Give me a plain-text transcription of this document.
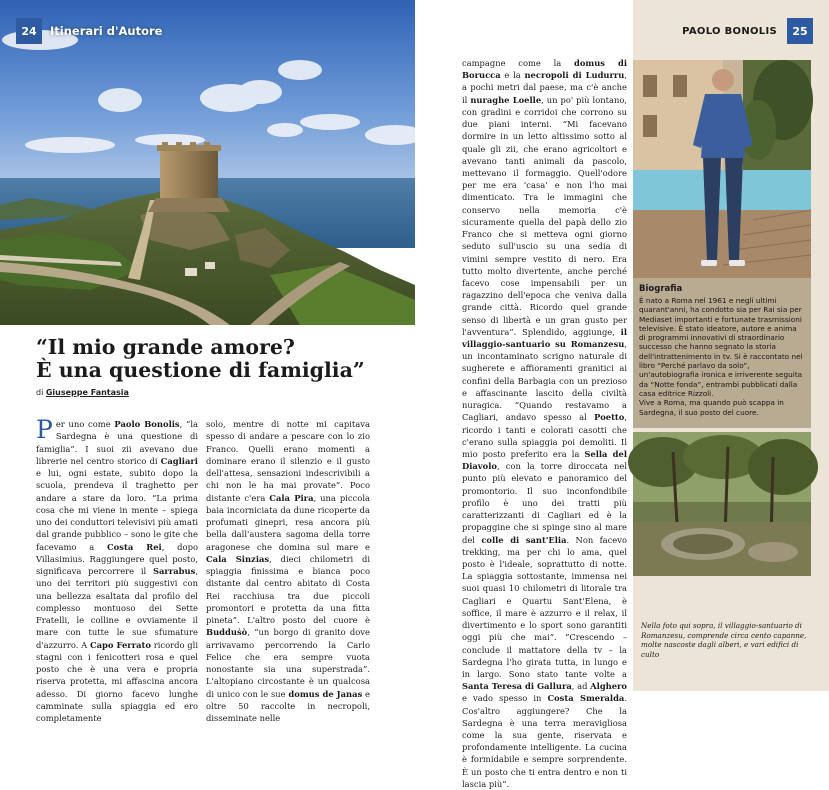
24	Itinerari d'Autore
“Il mio grande amore?
È una questione di famiglia”
di Giuseppe Fantasia

Per uno come Paolo Bonolis, “la Sardegna è una questione di famiglia”. I suoi zii avevano due librerie nel centro storico di Cagliari e lui, ogni estate, subito dopo la scuola, prendeva il traghetto per andare a stare da loro. “La prima cosa che mi viene in mente – spiega uno dei conduttori televisivi più amati dal grande pubblico – sono le gite che facevamo a Costa Rei, dopo Villasimius. Raggiungere quel posto, significava percorrere il Sarrabus, uno dei territori più suggestivi con una bellezza esaltata dal profilo del complesso montuoso dei Sette Fratelli, le colline e ovviamente il mare con tutte le sue sfumature d'azzurro. A Capo Ferrato ricordo gli stagni con i fenicotteri rosa e quel posto che è una vera e propria riserva protetta, mi affascina ancora adesso. Di giorno facevo lunghe camminate sulla spiaggia ed ero completamente

solo, mentre di notte mi capitava spesso di andare a pescare con lo zio Franco. Quelli erano momenti a dominare erano il silenzio e il gusto dell'attesa, sensazioni indescrivibili a chi non le ha mai provate”. Poco distante c'era Cala Pira, una piccola baia incorniciata da dune ricoperte da profumati ginepri, resa ancora più bella dall'austera sagoma della torre aragonese che domina sul mare e Cala Sinzias, dieci chilometri di spiaggia finissima e bianca poco distante dal centro abitato di Costa Rei racchiusa tra due piccoli promontori e protetta da una fitta pineta”. L'altro posto del cuore è Budduṡò, “un borgo di granito dove arrivavamo percorrendo la Carlo Felice che era sempre vuota nonostante sia una superstrada”. L'altopiano circostante è un qualcosa di unico con le sue domus de Janas e oltre 50 raccolte in necropoli, disseminate nelle

campagne come la domus di Borucca e la necropoli di Ludurru, a pochi metri dal paese, ma c'è anche il nuraghe Loelle, un po' più lontano, con gradini e corridoi che corrono su due piani interni. “Mi facevano dormire in un letto altissimo sotto al quale gli zii, che erano agricoltori e avevano tanti animali da pascolo, mettevano il formaggio. Quell'odore per me era ‘casa’ e non l'ho mai dimenticato. Tra le immagini che conservo nella memoria c'è sicuramente quella del papà dello zio Franco che si metteva ogni giorno seduto sull'uscio su una sedia di vimini sempre vestito di nero. Era tutto molto divertente, anche perché facevo cose impensabili per un ragazzino dell'epoca che veniva dalla grande città. Ricordo quel grande senso di libertà e un gran gusto per l'avventura”. Splendido, aggiunge, il villaggio-santuario su Romanzesu, un incontaminato scrigno naturale di sugherete e affioramenti granitici ai confini della Barbagia con un prezioso e affascinante lascito della civiltà nuragica. “Quando restavamo a Cagliari, andavo spesso al Poetto, ricordo i tanti e colorati casotti che c'erano sulla spiaggia poi demoliti. Il mio posto preferito era la Sella del Diavolo, con la torre diroccata nel punto più elevato e panoramico del promontorio. Il suo inconfondibile profilo è uno dei tratti più caratterizzanti di Cagliari ed è la propaggine che si spinge sino al mare del colle di sant'Elia. Non facevo trekking, ma per chi lo ama, quel posto è l'ideale, soprattutto di notte. La spiaggia sottostante, immensa nei suoi quasi 10 chilometri di litorale tra Cagliari e Quartu Sant'Elena, è soffice, il mare è azzurro e il relax, il divertimento e lo sport sono garantiti oggi più che mai”. “Crescendo – conclude il mattatore della tv – la Sardegna l'ho girata tutta, in lungo e in largo. Sono stato tante volte a Santa Teresa di Gallura, ad Alghero e vado spesso in Costa Smeralda. Cos'altro aggiungere? Che la Sardegna è una terra meravigliosa come la sua gente, riservata e profondamente intelligente. La cucina è formidabile e sempre sorprendente. È un posto che ti entra dentro e non ti lascia più”.

PAOLO BONOLIS	25
Biografia

È nato a Roma nel 1961 e negli ultimi quarant'anni, ha condotto sia per Rai sia per Mediaset importanti e fortunate trasmissioni televisive. È stato ideatore, autore e anima di programmi innovativi di straordinario successo che hanno segnato la storia dell'intrattenimento in tv. Si è raccontato nel libro “Perché parlavo da solo”, un'autobiografia ironica e irriverente seguita da “Notte fonda”, entrambi pubblicati dalla casa editrice Rizzoli.

Vive a Roma, ma quando può scappa in Sardegna, il suo posto del cuore.

Nella foto qui sopra, il villaggio-santuario di Romanzesu, comprende circa cento capanne, molte nascoste dagli alberi, e vari edifici di culto
